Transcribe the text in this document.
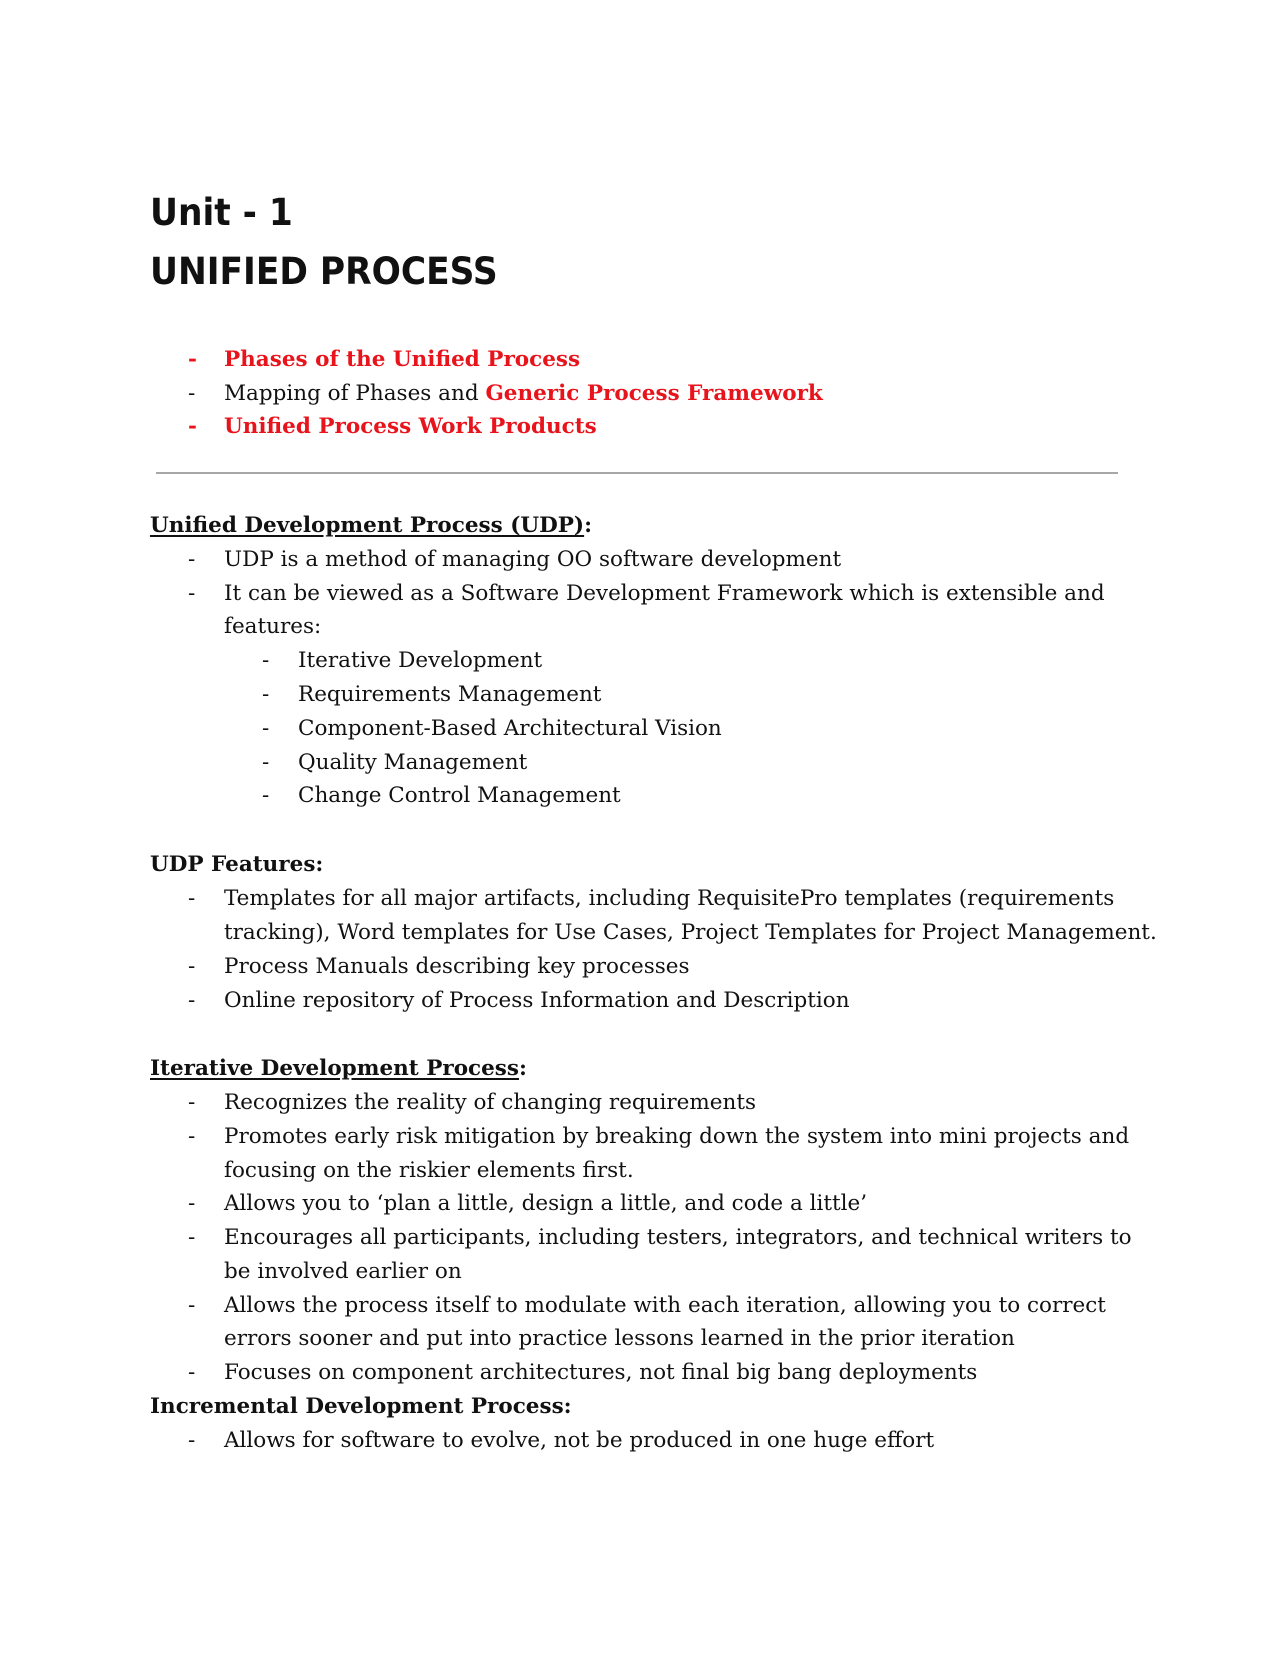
Unit - 1
UNIFIED PROCESS
- Phases of the Unified Process
- Mapping of Phases and Generic Process Framework
- Unified Process Work Products
Unified Development Process (UDP):
- UDP is a method of managing OO software development
- It can be viewed as a Software Development Framework which is extensible and
features:
- Iterative Development
- Requirements Management
- Component-Based Architectural Vision
- Quality Management
- Change Control Management
UDP Features:
- Templates for all major artifacts, including RequisitePro templates (requirements
tracking), Word templates for Use Cases, Project Templates for Project Management.
- Process Manuals describing key processes
- Online repository of Process Information and Description
Iterative Development Process:
- Recognizes the reality of changing requirements
- Promotes early risk mitigation by breaking down the system into mini projects and
focusing on the riskier elements first.
- Allows you to ‘plan a little, design a little, and code a little’
- Encourages all participants, including testers, integrators, and technical writers to
be involved earlier on
- Allows the process itself to modulate with each iteration, allowing you to correct
errors sooner and put into practice lessons learned in the prior iteration
- Focuses on component architectures, not final big bang deployments
Incremental Development Process:
- Allows for software to evolve, not be produced in one huge effort
